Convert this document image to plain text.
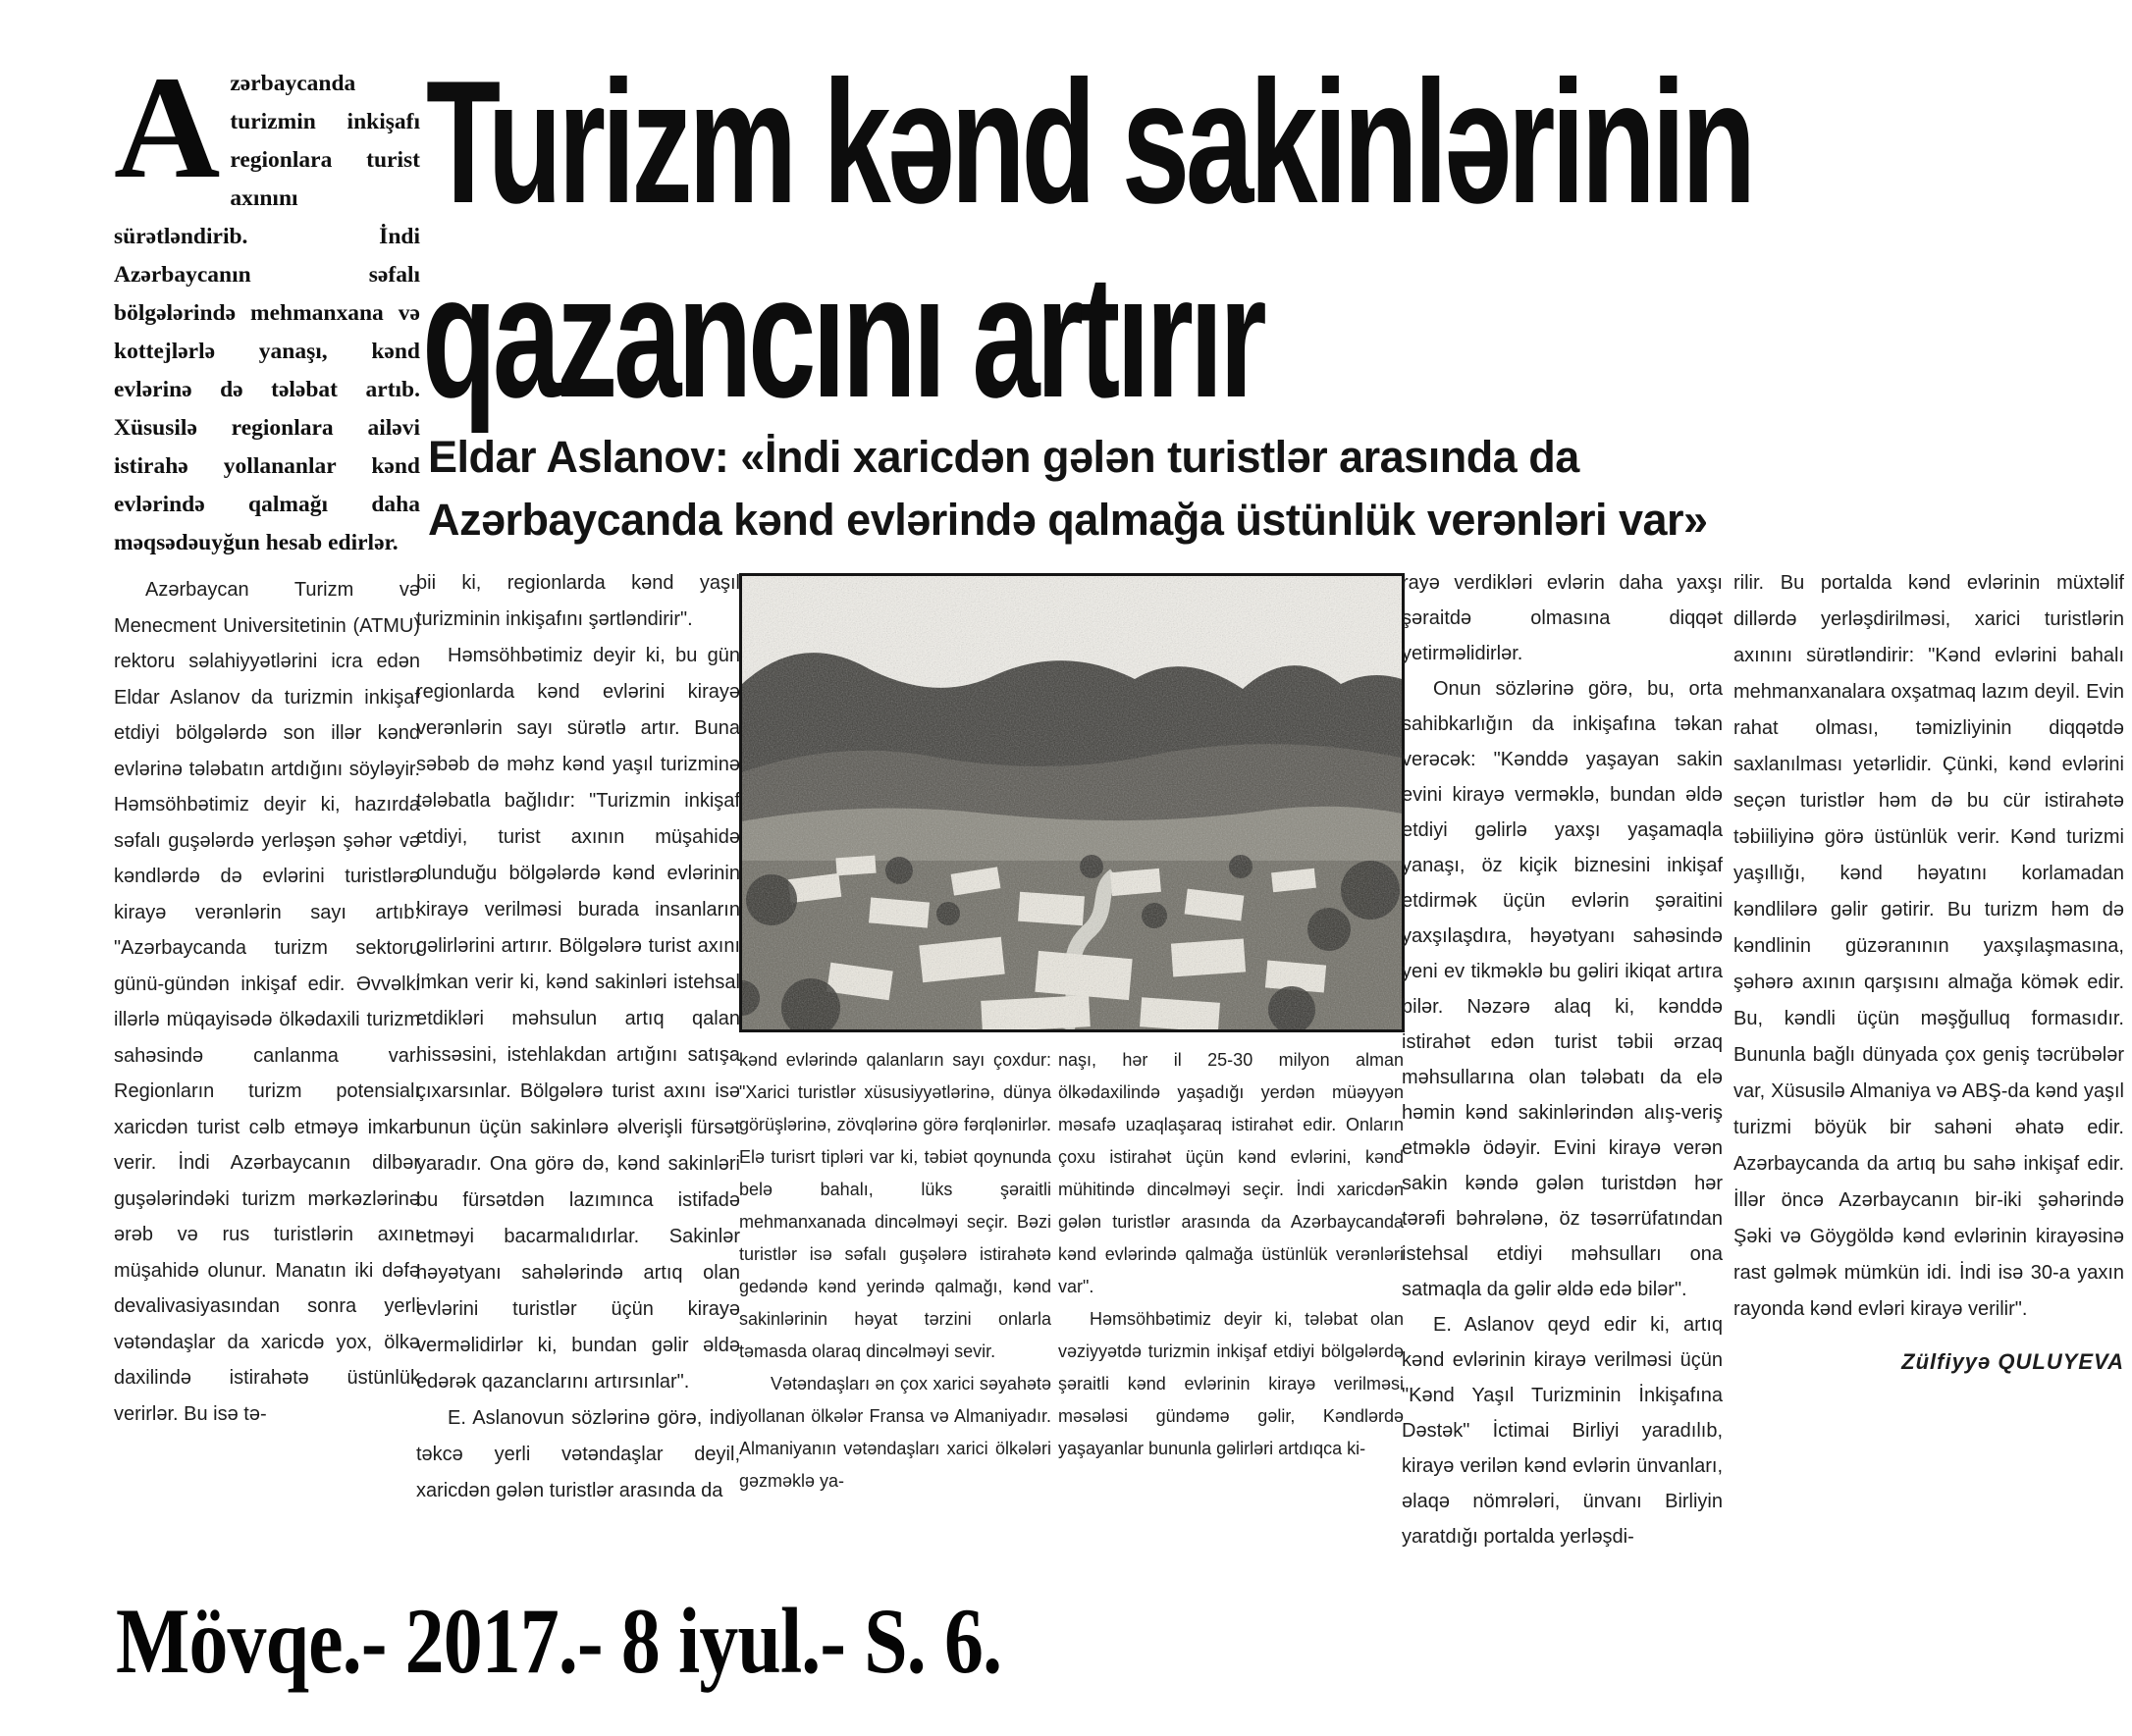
Turizm kənd sakinlərinin
qazancını artırır
Eldar Aslanov: «İndi xaricdən gələn turistlər arasında da
Azərbaycanda kənd evlərində qalmağa üstünlük verənləri var»
Azərbaycanda turizmin inkişafı regionlara turist axınını sürətləndirib. İndi Azərbaycanın səfalı bölgələrində mehmanxana və kottejlərlə yanaşı, kənd evlərinə də tələbat artıb. Xüsusilə regionlara ailəvi istirahə yollananlar kənd evlərində qalmağı daha məqsədəuyğun hesab edirlər.

Azərbaycan Turizm və Menecment Universitetinin (ATMU) rektoru səlahiyyətlərini icra edən Eldar Aslanov da turizmin inkişaf etdiyi bölgələrdə son illər kənd evlərinə tələbatın artdığını söyləyir. Həmsöhbətimiz deyir ki, hazırda səfalı guşələrdə yerləşən şəhər və kəndlərdə də evlərini turistlərə kirayə verənlərin sayı artıb: "Azərbaycanda turizm sektoru günü-gündən inkişaf edir. Əvvəlki illərlə müqayisədə ölkədaxili turizm sahəsində canlanma var. Regionların turizm potensialı xaricdən turist cəlb etməyə imkan verir. İndi Azərbaycanın dilbər guşələrindəki turizm mərkəzlərinə ərəb və rus turistlərin axını müşahidə olunur. Manatın iki dəfə devalivasiyasından sonra yerli vətəndaşlar da xaricdə yox, ölkə daxilində istirahətə üstünlük verirlər. Bu isə tə-

bii ki, regionlarda kənd yaşıl turizminin inkişafını şərtləndirir".

Həmsöhbətimiz deyir ki, bu gün regionlarda kənd evlərini kirayə verənlərin sayı sürətlə artır. Buna səbəb də məhz kənd yaşıl turizminə tələbatla bağlıdır: "Turizmin inkişaf etdiyi, turist axının müşahidə olunduğu bölgələrdə kənd evlərinin kirayə verilməsi burada insanların gəlirlərini artırır. Bölgələrə turist axını imkan verir ki, kənd sakinləri istehsal etdikləri məhsulun artıq qalan hissəsini, istehlakdan artığını satışa çıxarsınlar. Bölgələrə turist axını isə bunun üçün sakinlərə əlverişli fürsət yaradır. Ona görə də, kənd sakinləri bu fürsətdən lazımınca istifadə etməyi bacarmalıdırlar. Sakinlər həyətyanı sahələrində artıq olan evlərini turistlər üçün kirayə verməlidirlər ki, bundan gəlir əldə edərək qazanclarını artırsınlar".

E. Aslanovun sözlərinə görə, indi təkcə yerli vətəndaşlar deyil, xaricdən gələn turistlər arasında da

kənd evlərində qalanların sayı çoxdur: "Xarici turistlər xüsusiyyətlərinə, dünya görüşlərinə, zövqlərinə görə fərqlənirlər. Elə turisrt tipləri var ki, təbiət qoynunda belə bahalı, lüks şəraitli mehmanxanada dincəlməyi seçir. Bəzi turistlər isə səfalı guşələrə istirahətə gedəndə kənd yerində qalmağı, kənd sakinlərinin həyat tərzini onlarla təmasda olaraq dincəlməyi sevir.

Vətəndaşları ən çox xarici səyahətə yollanan ölkələr Fransa və Almaniyadır. Almaniyanın vətəndaşları xarici ölkələri gəzməklə ya-

naşı, hər il 25-30 milyon alman ölkədaxilində yaşadığı yerdən müəyyən məsafə uzaqlaşaraq istirahət edir. Onların çoxu istirahət üçün kənd evlərini, kənd mühitində dincəlməyi seçir. İndi xaricdən gələn turistlər arasında da Azərbaycanda kənd evlərində qalmağa üstünlük verənləri var".

Həmsöhbətimiz deyir ki, tələbat olan vəziyyətdə turizmin inkişaf etdiyi bölgələrdə şəraitli kənd evlərinin kirayə verilməsi məsələsi gündəmə gəlir, Kəndlərdə yaşayanlar bununla gəlirləri artdıqca ki-

rayə verdikləri evlərin daha yaxşı şəraitdə olmasına diqqət yetirməlidirlər.

Onun sözlərinə görə, bu, orta sahibkarlığın da inkişafına təkan verəcək: "Kənddə yaşayan sakin evini kirayə verməklə, bundan əldə etdiyi gəlirlə yaxşı yaşamaqla yanaşı, öz kiçik biznesini inkişaf etdirmək üçün evlərin şəraitini yaxşılaşdıra, həyətyanı sahəsində yeni ev tikməklə bu gəliri ikiqat artıra bilər. Nəzərə alaq ki, kənddə istirahət edən turist təbii ərzaq məhsullarına olan tələbatı da elə həmin kənd sakinlərindən alış-veriş etməklə ödəyir. Evini kirayə verən sakin kəndə gələn turistdən hər tərəfi bəhrələnə, öz təsərrüfatından istehsal etdiyi məhsulları ona satmaqla da gəlir əldə edə bilər".

E. Aslanov qeyd edir ki, artıq kənd evlərinin kirayə verilməsi üçün "Kənd Yaşıl Turizminin İnkişafına Dəstək" İctimai Birliyi yaradılıb, kirayə verilən kənd evlərin ünvanları, əlaqə nömrələri, ünvanı Birliyin yaratdığı portalda yerləşdi-

rilir. Bu portalda kənd evlərinin müxtəlif dillərdə yerləşdirilməsi, xarici turistlərin axınını sürətləndirir: "Kənd evlərini bahalı mehmanxanalara oxşatmaq lazım deyil. Evin rahat olması, təmizliyinin diqqətdə saxlanılması yetərlidir. Çünki, kənd evlərini seçən turistlər həm də bu cür istirahətə təbiiliyinə görə üstünlük verir. Kənd turizmi yaşıllığı, kənd həyatını korlamadan kəndlilərə gəlir gətirir. Bu turizm həm də kəndlinin güzəranının yaxşılaşmasına, şəhərə axının qarşısını almağa kömək edir. Bu, kəndli üçün məşğulluq formasıdır. Bununla bağlı dünyada çox geniş təcrübələr var, Xüsusilə Almaniya və ABŞ-da kənd yaşıl turizmi böyük bir sahəni əhatə edir. Azərbaycanda da artıq bu sahə inkişaf edir. İllər öncə Azərbaycanın bir-iki şəhərində Şəki və Göygöldə kənd evlərinin kirayəsinə rast gəlmək mümkün idi. İndi isə 30-a yaxın rayonda kənd evləri kirayə verilir".

Zülfiyyə QULUYEVA
Mövqe.- 2017.- 8 iyul.- S. 6.
